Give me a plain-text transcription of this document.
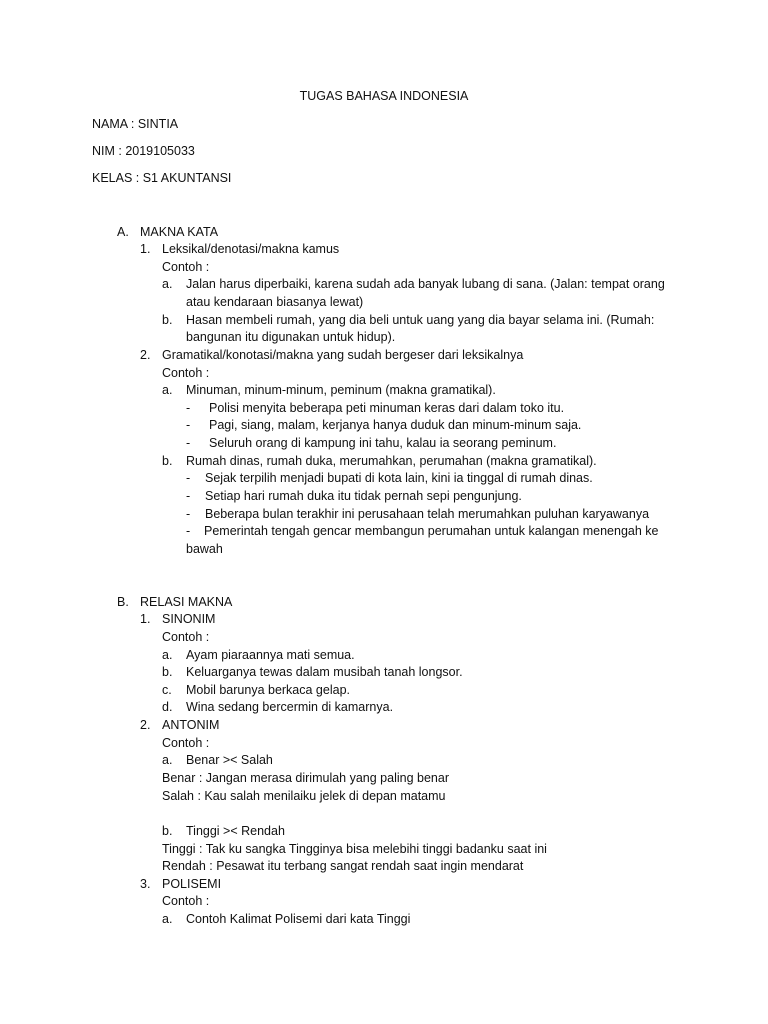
TUGAS BAHASA INDONESIA
NAMA : SINTIA
NIM : 2019105033
KELAS : S1 AKUNTANSI
A. MAKNA KATA
1. Leksikal/denotasi/makna kamus
Contoh :
a. Jalan harus diperbaiki, karena sudah ada banyak lubang di sana. (Jalan: tempat orang
atau kendaraan biasanya lewat)
b. Hasan membeli rumah, yang dia beli untuk uang yang dia bayar selama ini. (Rumah:
bangunan itu digunakan untuk hidup).
2. Gramatikal/konotasi/makna yang sudah bergeser dari leksikalnya
Contoh :
a. Minuman, minum-minum, peminum (makna gramatikal).
- Polisi menyita beberapa peti minuman keras dari dalam toko itu.
- Pagi, siang, malam, kerjanya hanya duduk dan minum-minum saja.
- Seluruh orang di kampung ini tahu, kalau ia seorang peminum.
b. Rumah dinas, rumah duka, merumahkan, perumahan (makna gramatikal).
- Sejak terpilih menjadi bupati di kota lain, kini ia tinggal di rumah dinas.
- Setiap hari rumah duka itu tidak pernah sepi pengunjung.
- Beberapa bulan terakhir ini perusahaan telah merumahkan puluhan karyawanya
- Pemerintah tengah gencar membangun perumahan untuk kalangan menengah ke
bawah
B. RELASI MAKNA
1. SINONIM
Contoh :
a. Ayam piaraannya mati semua.
b. Keluarganya tewas dalam musibah tanah longsor.
c. Mobil barunya berkaca gelap.
d. Wina sedang bercermin di kamarnya.
2. ANTONIM
Contoh :
a. Benar >< Salah
Benar : Jangan merasa dirimulah yang paling benar
Salah : Kau salah menilaiku jelek di depan matamu
b. Tinggi >< Rendah
Tinggi : Tak ku sangka Tingginya bisa melebihi tinggi badanku saat ini
Rendah : Pesawat itu terbang sangat rendah saat ingin mendarat
3. POLISEMI
Contoh :
a. Contoh Kalimat Polisemi dari kata Tinggi
